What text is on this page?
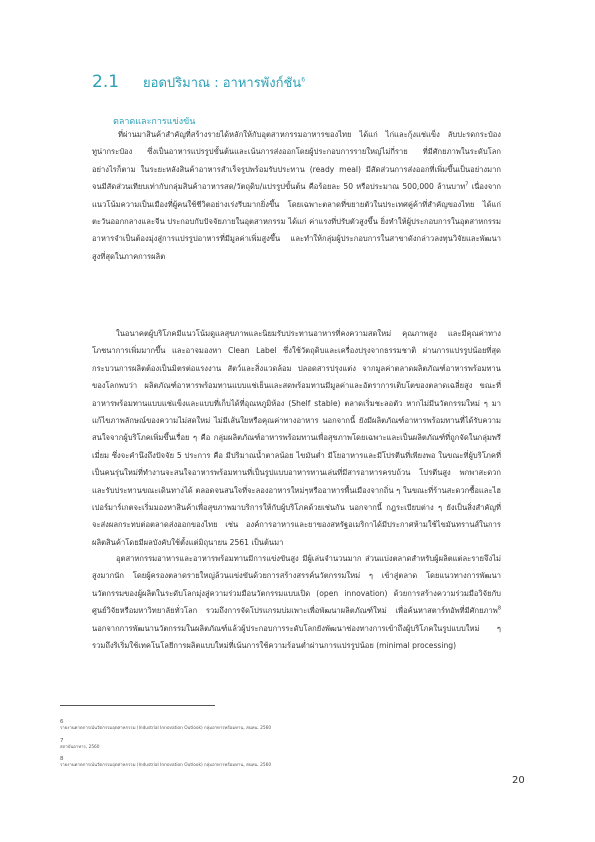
2.1 ยอดปริมาณ : อาหารพังก์ชัน$^6$
ตลาดและการแข่งขัน

ที่ผ่านมาสินค้าสำคัญที่สร้างรายได้หลักให้กับอุตสาหกรรมอาหารของไทย ได้แก่ ไก่และกุ้งแช่แข็ง ลับปะรดกระป๋อง ทูน่ากระป๋อง ซึ่งเป็นอาหารแปรรูปขั้นต้นและเน้นการส่งออกโดยผู้ประกอบการรายใหญ่ไม่กี่ราย ที่มีศักยภาพในระดับโลก อย่างไรก็ตาม ในระยะหลังสินค้าอาหารสำเร็จรูปพร้อมรับประทาน (ready meal) มีสัดส่วนการส่งออกที่เพิ่มขึ้นเป็นอย่างมาก จนมีสัดส่วนเทียบเท่ากับกลุ่มสินค้าอาหารสด/วัตถุดิบ/แปรรูปขั้นต้น คือร้อยละ 50 หรือประมาณ 500,000 ล้านบาท$^7$ เนื่องจากแนวโน้มความเป็นเมืองที่ผู้คนใช้ชีวิตอย่างเร่งรีบมากยิ่งขึ้น โดยเฉพาะตลาดที่ขยายตัวในประเทศคู่ค้าที่สำคัญของไทย ได้แก่ ตะวันออกกลางและจีน ประกอบกับปัจจัยภายในอุตสาหกรรม ได้แก่ ค่าแรงที่ปรับตัวสูงขึ้น ยิ่งทำให้ผู้ประกอบการในอุตสาหกรรมอาหารจำเป็นต้องมุ่งสู่การแปรรูปอาหารที่มีมูลค่าเพิ่มสูงขึ้น และทำให้กลุ่มผู้ประกอบการในสาขาดังกล่าวลงทุนวิจัยและพัฒนาสูงที่สุดในภาคการผลิต

ในอนาคตผู้บริโภคมีแนวโน้มดูแลสุขภาพและนิยมรับประทานอาหารที่คงความสดใหม่ คุณภาพสูง และมีคุณค่าทางโภชนาการเพิ่มมากขึ้น และอาจมองหา Clean Label ซึ่งใช้วัตถุดิบและเครื่องปรุงจากธรรมชาติ ผ่านการแปรรูปน้อยที่สุด กระบวนการผลิตต้องเป็นมิตรต่อแรงงาน สัตว์และสิ่งแวดล้อม ปลอดสารปรุงแต่ง จากมูลค่าตลาดผลิตภัณฑ์อาหารพร้อมทานของโลกพบว่า ผลิตภัณฑ์อาหารพร้อมทานแบบแช่เย็นและสดพร้อมทานมีมูลค่าและอัตราการเติบโตของตลาดเฉลี่ยสูง ขณะที่อาหารพร้อมทานแบบแช่แข็งและแบบที่เก็บได้ที่อุณหภูมิห้อง (Shelf stable) ตลาดเริ่มชะลอตัว หากไม่มีนวัตกรรมใหม่ ๆ มาแก้ไขภาพลักษณ์ของความไม่สดใหม่ ไม่มีเส้นใยหรือคุณค่าทางอาหาร นอกจากนี้ ยังมีผลิตภัณฑ์อาหารพร้อมทานที่ได้รับความสนใจจากผู้บริโภคเพิ่มขึ้นเรื่อย ๆ คือ กลุ่มผลิตภัณฑ์อาหารพร้อมทานเพื่อสุขภาพโดยเฉพาะและเป็นผลิตภัณฑ์ที่ถูกจัดในกลุ่มพรีเมี่ยม ซึ่งจะคำนึงถึงปัจจัย 5 ประการ คือ มีปริมาณน้ำตาลน้อย ไขมันต่ำ มีโยอาหารและมีโปรตีนที่เพียงพอ ในขณะที่ผู้บริโภคที่เป็นคนรุ่นใหม่ที่ทำงานจะสนใจอาหารพร้อมทานที่เป็นรูปแบบอาหารทานเล่นที่มีสารอาหารครบถ้วน โปรตีนสูง พกพาสะดวกและรับประทานขณะเดินทางได้ ตลอดจนสนใจที่จะลองอาหารใหม่ๆหรืออาหารพื้นเมืองจากถิ่น ๆ ในขณะที่ร้านสะดวกซื้อและไฮเปอร์มาร์เกตจะเริ่มมองหาสินค้าเพื่อสุขภาพมาบริการให้กับผู้บริโภคด้วยเช่นกัน นอกจากนี้ กฎระเบียบต่าง ๆ ยังเป็นสิ่งสำคัญที่จะส่งผลกระทบต่อตลาดส่งออกของไทย เช่น องค์การอาหารและยาของสหรัฐอเมริกาได้มีประกาศห้ามใช้ไขมันทรานส์ในการผลิตสินค้าโดยมีผลบังคับใช้ตั้งแต่มิถุนายน 2561 เป็นต้นมา

อุตสาหกรรมอาหารและอาหารพร้อมทานมีการแข่งขันสูง มีผู้เล่นจำนวนมาก ส่วนแบ่งตลาดสำหรับผู้ผลิตแต่ละรายจึงไม่สูงมากนัก โดยผู้ครองตลาดรายใหญ่ล้วนแข่งขันด้วยการสร้างสรรค์นวัตกรรมใหม่ ๆ เข้าสู่ตลาด โดยแนวทางการพัฒนานวัตกรรมของผู้ผลิตในระดับโลกมุ่งสู่ความร่วมมือนวัตกรรมแบบเปิด (open innovation) ด้วยการสร้างความร่วมมือวิจัยกับศูนย์วิจัยหรือมหาวิทยาลัยทั่วโลก รวมถึงการจัดโปรแกรมบ่มเพาะเพื่อพัฒนาผลิตภัณฑ์ใหม่ เพื่อค้นหาสตาร์ทอัพที่มีศักยภาพ$^8$ นอกจากการพัฒนานวัตกรรมในผลิตภัณฑ์แล้วผู้ประกอบการระดับโลกยังพัฒนาช่องทางการเข้าถึงผู้บริโภคในรูปแบบใหม่ ๆ รวมถึงริเริ่มใช้เทคโนโลยีการผลิตแบบใหม่ที่เน้นการใช้ความร้อนต่ำผ่านการแปรรูปน้อย (minimal processing)

6
รายงานคาดการณ์นวัตกรรมอุตสาหกรรม (Industrial Innovation Outlook) กลุ่มอาหารพร้อมทาน, สนทน. 2560
7
สถาบันอาหาร, 2560
8
รายงานคาดการณ์นวัตกรรมอุตสาหกรรม (Industrial Innovation Outlook) กลุ่มอาหารพร้อมทาน, สนทน. 2560
20
